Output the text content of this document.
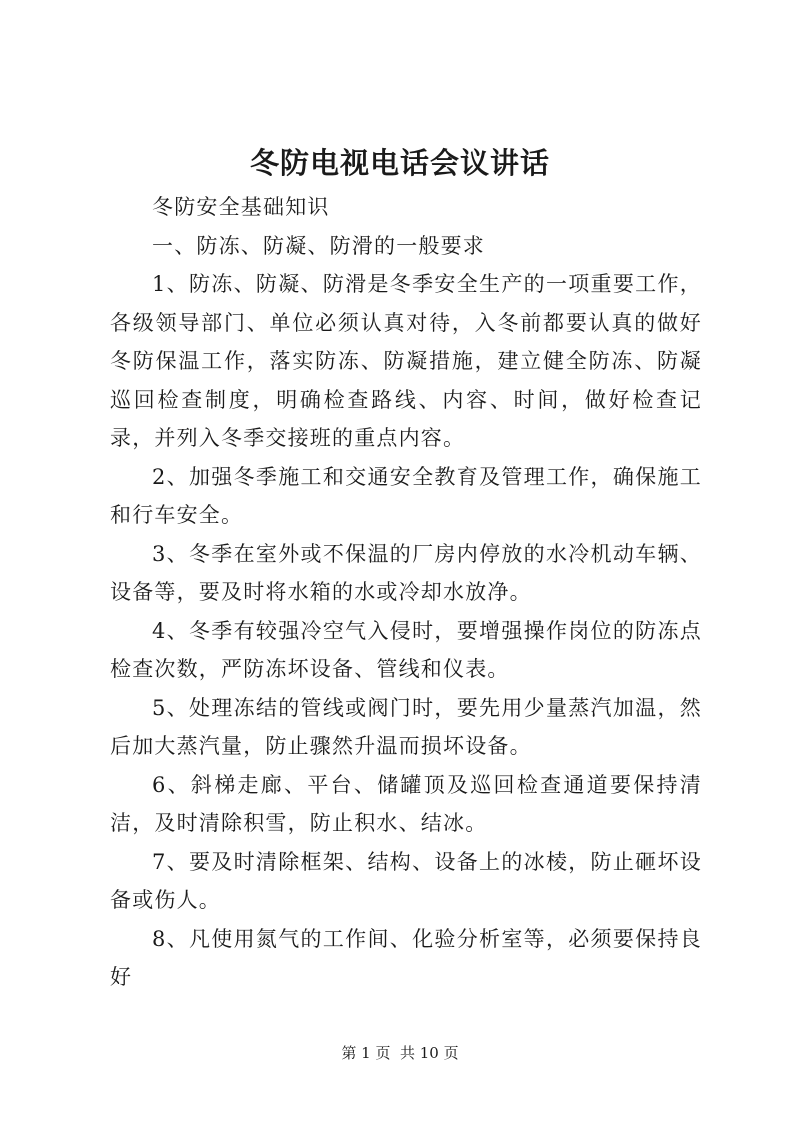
冬防电视电话会议讲话

冬防安全基础知识

一、防冻、防凝、防滑的一般要求

1、防冻、防凝、防滑是冬季安全生产的一项重要工作，各级领导部门、单位必须认真对待，入冬前都要认真的做好冬防保温工作，落实防冻、防凝措施，建立健全防冻、防凝巡回检查制度，明确检查路线、内容、时间，做好检查记录，并列入冬季交接班的重点内容。

2、加强冬季施工和交通安全教育及管理工作，确保施工和行车安全。

3、冬季在室外或不保温的厂房内停放的水冷机动车辆、设备等，要及时将水箱的水或冷却水放净。

4、冬季有较强冷空气入侵时，要增强操作岗位的防冻点检查次数，严防冻坏设备、管线和仪表。

5、处理冻结的管线或阀门时，要先用少量蒸汽加温，然后加大蒸汽量，防止骤然升温而损坏设备。

6、斜梯走廊、平台、储罐顶及巡回检查通道要保持清洁，及时清除积雪，防止积水、结冰。

7、要及时清除框架、结构、设备上的冰棱，防止砸坏设备或伤人。

8、凡使用氮气的工作间、化验分析室等，必须要保持良好

第 1 页  共 10 页
